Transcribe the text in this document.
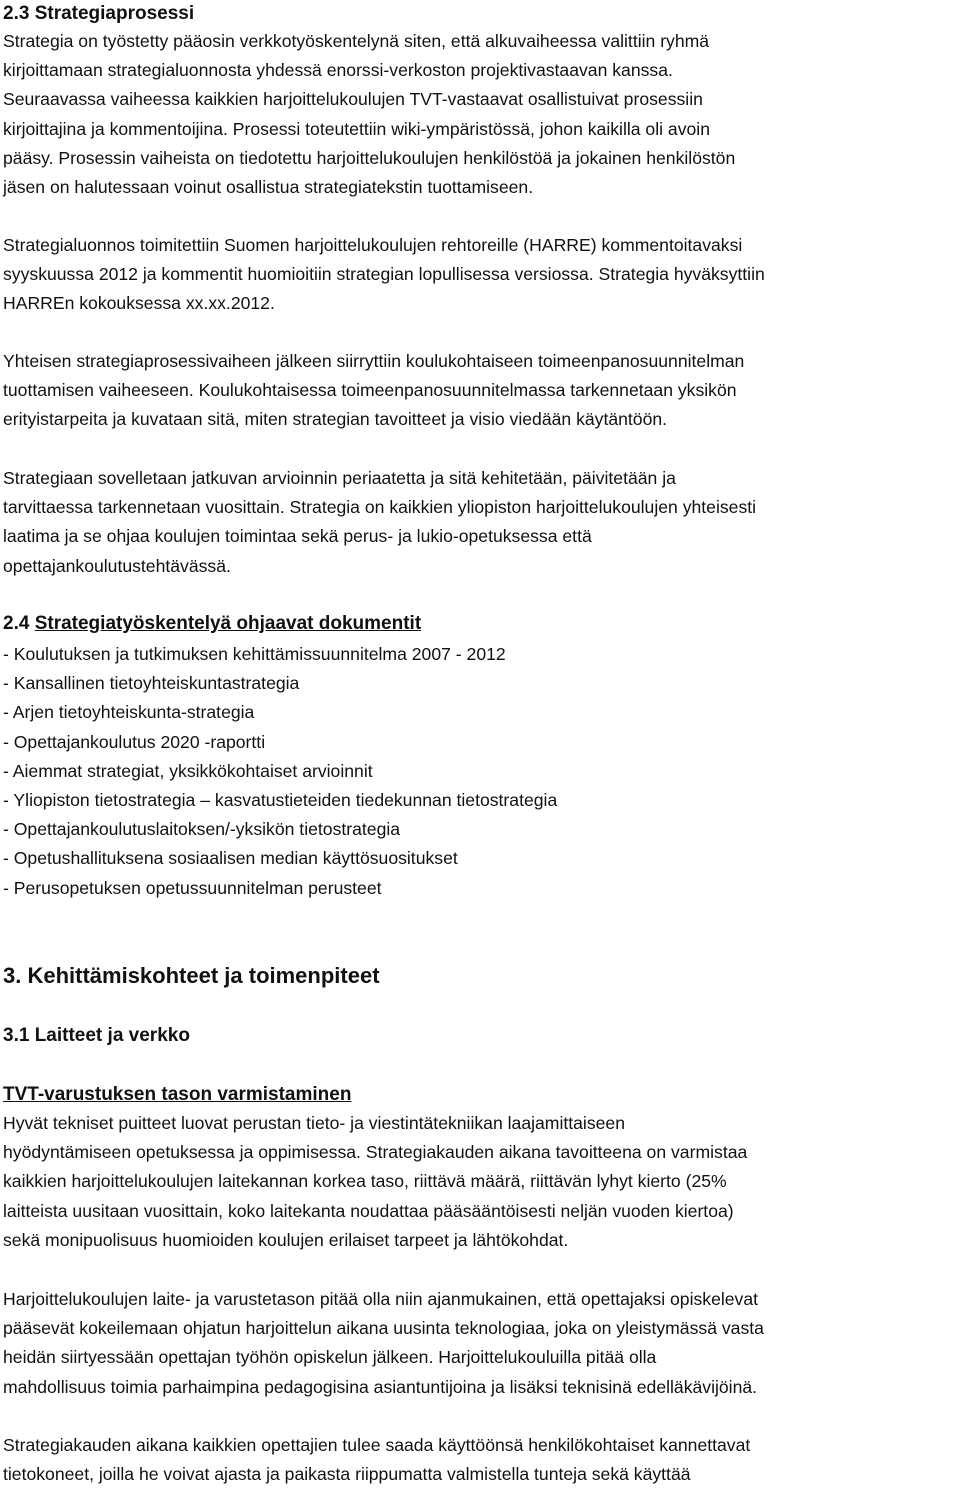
2.3 Strategiaprosessi
Strategia on työstetty pääosin verkkotyöskentelynä siten, että alkuvaiheessa valittiin ryhmä
kirjoittamaan strategialuonnosta yhdessä enorssi-verkoston projektivastaavan kanssa.
Seuraavassa vaiheessa kaikkien harjoittelukoulujen TVT-vastaavat osallistuivat prosessiin
kirjoittajina ja kommentoijina. Prosessi toteutettiin wiki-ympäristössä, johon kaikilla oli avoin
pääsy. Prosessin vaiheista on tiedotettu harjoittelukoulujen henkilöstöä ja jokainen henkilöstön
jäsen on halutessaan voinut osallistua strategiatekstin tuottamiseen.
Strategialuonnos toimitettiin Suomen harjoittelukoulujen rehtoreille (HARRE) kommentoitavaksi
syyskuussa 2012 ja kommentit huomioitiin strategian lopullisessa versiossa. Strategia hyväksyttiin
HARREn kokouksessa xx.xx.2012.
Yhteisen strategiaprosessivaiheen jälkeen siirryttiin koulukohtaiseen toimeenpanosuunnitelman
tuottamisen vaiheeseen. Koulukohtaisessa toimeenpanosuunnitelmassa tarkennetaan yksikön
erityistarpeita ja kuvataan sitä, miten strategian tavoitteet ja visio viedään käytäntöön.
Strategiaan sovelletaan jatkuvan arvioinnin periaatetta ja sitä kehitetään, päivitetään ja
tarvittaessa tarkennetaan vuosittain. Strategia on kaikkien yliopiston harjoittelukoulujen yhteisesti
laatima ja se ohjaa koulujen toimintaa sekä perus- ja lukio-opetuksessa että
opettajankoulutustehtävässä.
2.4 Strategiatyöskentelyä ohjaavat dokumentit
- Koulutuksen ja tutkimuksen kehittämissuunnitelma 2007 - 2012
- Kansallinen tietoyhteiskuntastrategia
- Arjen tietoyhteiskunta-strategia
- Opettajankoulutus 2020 -raportti
- Aiemmat strategiat, yksikkökohtaiset arvioinnit
- Yliopiston tietostrategia – kasvatustieteiden tiedekunnan tietostrategia
- Opettajankoulutuslaitoksen/-yksikön tietostrategia
- Opetushallituksena sosiaalisen median käyttösuositukset
- Perusopetuksen opetussuunnitelman perusteet
3. Kehittämiskohteet ja toimenpiteet
3.1 Laitteet ja verkko
TVT-varustuksen tason varmistaminen
Hyvät tekniset puitteet luovat perustan tieto- ja viestintätekniikan laajamittaiseen
hyödyntämiseen opetuksessa ja oppimisessa. Strategiakauden aikana tavoitteena on varmistaa
kaikkien harjoittelukoulujen laitekannan korkea taso, riittävä määrä, riittävän lyhyt kierto (25%
laitteista uusitaan vuosittain, koko laitekanta noudattaa pääsääntöisesti neljän vuoden kiertoa)
sekä monipuolisuus huomioiden koulujen erilaiset tarpeet ja lähtökohdat.
Harjoittelukoulujen laite- ja varustetason pitää olla niin ajanmukainen, että opettajaksi opiskelevat
pääsevät kokeilemaan ohjatun harjoittelun aikana uusinta teknologiaa, joka on yleistymässä vasta
heidän siirtyessään opettajan työhön opiskelun jälkeen. Harjoittelukouluilla pitää olla
mahdollisuus toimia parhaimpina pedagogisina asiantuntijoina ja lisäksi teknisinä edelläkävijöinä.
Strategiakauden aikana kaikkien opettajien tulee saada käyttöönsä henkilökohtaiset kannettavat
tietokoneet, joilla he voivat ajasta ja paikasta riippumatta valmistella tunteja sekä käyttää
